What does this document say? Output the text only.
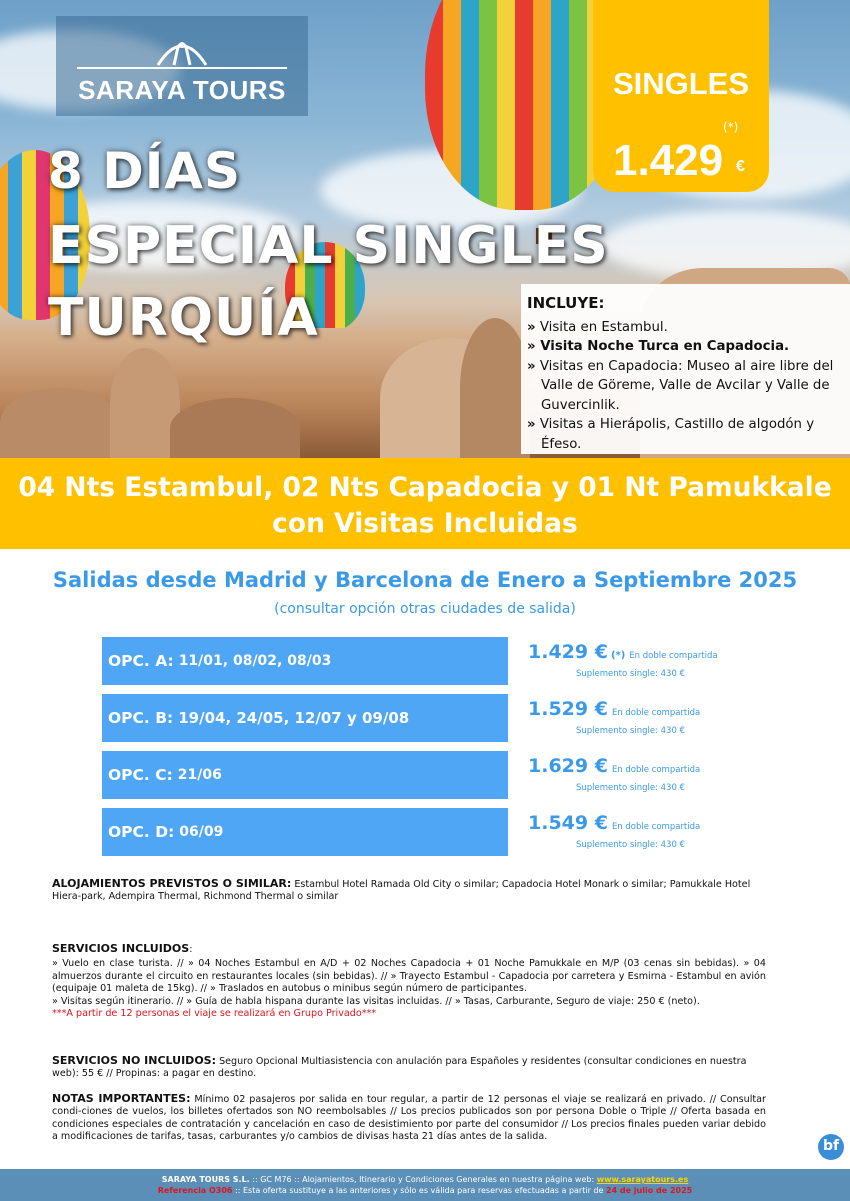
SARAYA TOURS	SINGLES
(*)
1.429 €
8 DÍAS
ESPECIAL SINGLES
TURQUÍA	INCLUYE:
» Visita en Estambul.
» Visita Noche Turca en Capadocia.
» Visitas en Capadocia: Museo al aire libre del Valle de Göreme, Valle de Avcilar y Valle de Guvercinlik.
» Visitas a Hierápolis, Castillo de algodón y Éfeso.
04 Nts Estambul, 02 Nts Capadocia y 01 Nt Pamukkale
con Visitas Incluidas
Salidas desde Madrid y Barcelona de Enero a Septiembre 2025
(consultar opción otras ciudades de salida)
OPC. A: 11/01, 08/02, 08/03	1.429 € (*) En doble compartida
Suplemento single: 430 €
OPC. B: 19/04, 24/05, 12/07 y 09/08	1.529 € En doble compartida
Suplemento single: 430 €
OPC. C: 21/06	1.629 € En doble compartida
Suplemento single: 430 €
OPC. D: 06/09	1.549 € En doble compartida
Suplemento single: 430 €
ALOJAMIENTOS PREVISTOS O SIMILAR: Estambul Hotel Ramada Old City o similar; Capadocia Hotel Monark o similar; Pamukkale Hotel Hiera-park, Adempira Thermal, Richmond Thermal o similar
SERVICIOS INCLUIDOS:
» Vuelo en clase turista. // » 04 Noches Estambul en A/D + 02 Noches Capadocia + 01 Noche Pamukkale en M/P (03 cenas sin bebidas). » 04 almuerzos durante el circuito en restaurantes locales (sin bebidas). // » Trayecto Estambul - Capadocia por carretera y Esmirna - Estambul en avión (equipaje 01 maleta de 15kg). // » Traslados en autobus o minibus según número de participantes.
» Visitas según itinerario. // » Guía de habla hispana durante las visitas incluidas. // » Tasas, Carburante, Seguro de viaje: 250 € (neto).
***A partir de 12 personas el viaje se realizará en Grupo Privado***
SERVICIOS NO INCLUIDOS: Seguro Opcional Multiasistencia con anulación para Españoles y residentes (consultar condiciones en nuestra web): 55 € // Propinas: a pagar en destino.
NOTAS IMPORTANTES: Mínimo 02 pasajeros por salida en tour regular, a partir de 12 personas el viaje se realizará en privado. // Consultar condi-ciones de vuelos, los billetes ofertados son NO reembolsables // Los precios publicados son por persona Doble o Triple // Oferta basada en condiciones especiales de contratación y cancelación en caso de desistimiento por parte del consumidor // Los precios finales pueden variar debido a modificaciones de tarifas, tasas, carburantes y/o cambios de divisas hasta 21 días antes de la salida.
bf
SARAYA TOURS S.L. :: GC M76 :: Alojamientos, Itinerario y Condiciones Generales en nuestra página web: www.sarayatours.es
Referencia O306 :: Esta oferta sustituye a las anteriores y sólo es válida para reservas efectuadas a partir de 24 de julio de 2025
